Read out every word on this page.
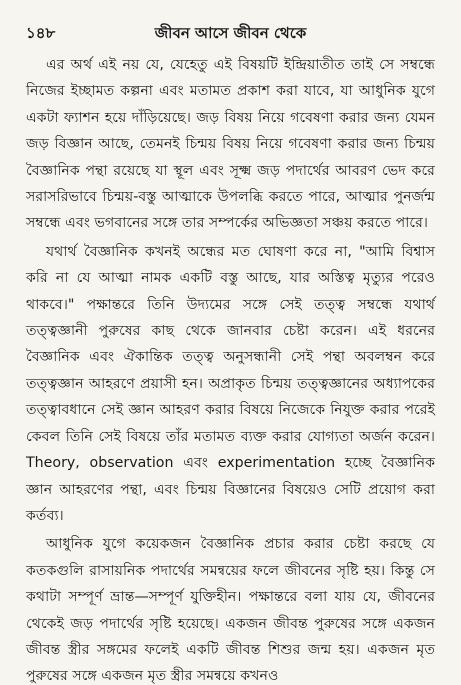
১৪৮	জীবন আসে জীবন থেকে

এর অর্থ এই নয় যে, যেহেতু এই বিষয়টি ইন্দ্রিয়াতীত তাই সে সম্বন্ধে নিজের ইচ্ছামত কল্পনা এবং মতামত প্রকাশ করা যাবে, যা আধুনিক যুগে একটা ফ্যাশন হয়ে দাঁড়িয়েছে। জড় বিষয় নিয়ে গবেষণা করার জন্য যেমন জড় বিজ্ঞান আছে, তেমনই চিন্ময় বিষয় নিয়ে গবেষণা করার জন্য চিন্ময় বৈজ্ঞানিক পন্থা রয়েছে যা স্থূল এবং সূক্ষ্ম জড় পদার্থের আবরণ ভেদ করে সরাসরিভাবে চিন্ময়-বস্তু আত্মাকে উপলব্ধি করতে পারে, আত্মার পুনর্জন্ম সম্বন্ধে এবং ভগবানের সঙ্গে তার সম্পর্কের অভিজ্ঞতা সঞ্চয় করতে পারে।

যথার্থ বৈজ্ঞানিক কখনই অন্ধের মত ঘোষণা করে না, "আমি বিশ্বাস করি না যে আত্মা নামক একটি বস্তু আছে, যার অস্তিত্ব মৃত্যুর পরেও থাকবে।" পক্ষান্তরে তিনি উদ্যমের সঙ্গে সেই তত্ত্ব সম্বন্ধে যথার্থ তত্ত্বজ্ঞানী পুরুষের কাছ থেকে জানবার চেষ্টা করেন। এই ধরনের বৈজ্ঞানিক এবং ঐকান্তিক তত্ত্ব অনুসন্ধানী সেই পন্থা অবলম্বন করে তত্ত্বজ্ঞান আহরণে প্রয়াসী হন। অপ্রাকৃত চিন্ময় তত্ত্বজ্ঞানের অধ্যাপকের তত্ত্বাবধানে সেই জ্ঞান আহরণ করার বিষয়ে নিজেকে নিযুক্ত করার পরেই কেবল তিনি সেই বিষয়ে তাঁর মতামত ব্যক্ত করার যোগ্যতা অর্জন করেন। Theory, observation এবং experimentation হচ্ছে বৈজ্ঞানিক জ্ঞান আহরণের পন্থা, এবং চিন্ময় বিজ্ঞানের বিষয়েও সেটি প্রয়োগ করা কর্তব্য।

আধুনিক যুগে কয়েকজন বৈজ্ঞানিক প্রচার করার চেষ্টা করছে যে কতকগুলি রাসায়নিক পদার্থের সমন্বয়ের ফলে জীবনের সৃষ্টি হয়। কিন্তু সে কথাটা সম্পূর্ণ ভ্রান্ত—সম্পূর্ণ যুক্তিহীন। পক্ষান্তরে বলা যায় যে, জীবনের থেকেই জড় পদার্থের সৃষ্টি হয়েছে। একজন জীবন্ত পুরুষের সঙ্গে একজন জীবন্ত স্ত্রীর সঙ্গমের ফলেই একটি জীবন্ত শিশুর জন্ম হয়। একজন মৃত পুরুষের সঙ্গে একজন মৃত স্ত্রীর সমন্বয়ে কখনও
